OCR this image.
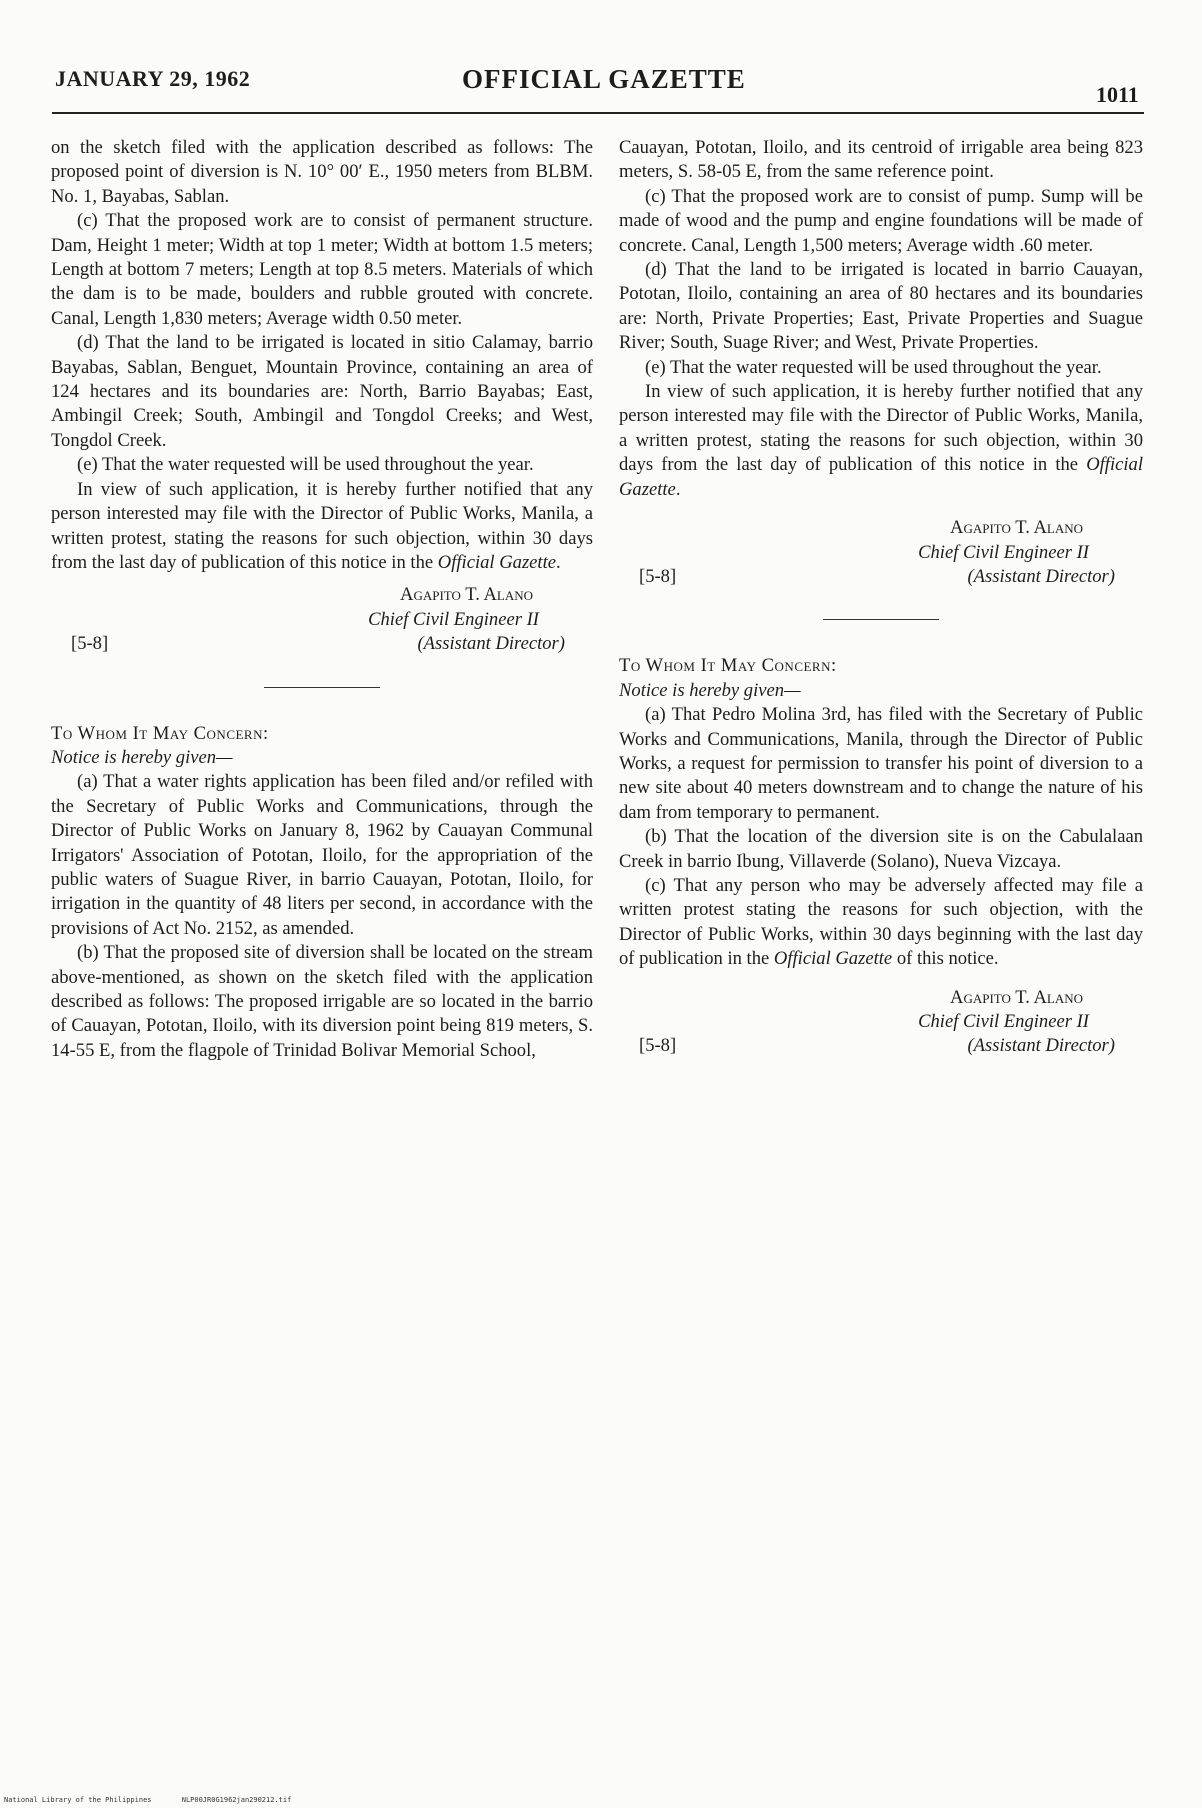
JANUARY 29, 1962	OFFICIAL GAZETTE
1011

on the sketch filed with the application described as follows: The proposed point of diversion is N. 10° 00′ E., 1950 meters from BLBM. No. 1, Bayabas, Sablan.

(c) That the proposed work are to consist of permanent structure. Dam, Height 1 meter; Width at top 1 meter; Width at bottom 1.5 meters; Length at bottom 7 meters; Length at top 8.5 meters. Materials of which the dam is to be made, boulders and rubble grouted with concrete. Canal, Length 1,830 meters; Average width 0.50 meter.

(d) That the land to be irrigated is located in sitio Calamay, barrio Bayabas, Sablan, Benguet, Mountain Province, containing an area of 124 hectares and its boundaries are: North, Barrio Bayabas; East, Ambingil Creek; South, Ambingil and Tongdol Creeks; and West, Tongdol Creek.

(e) That the water requested will be used throughout the year.

In view of such application, it is hereby further notified that any person interested may file with the Director of Public Works, Manila, a written protest, stating the reasons for such objection, within 30 days from the last day of publication of this notice in the Official Gazette.

Agapito T. Alano
Chief Civil Engineer II
[5-8]	(Assistant Director)

To Whom It May Concern:

Notice is hereby given—

(a) That a water rights application has been filed and/or refiled with the Secretary of Public Works and Communications, through the Director of Public Works on January 8, 1962 by Cauayan Communal Irrigators' Association of Pototan, Iloilo, for the appropriation of the public waters of Suague River, in barrio Cauayan, Pototan, Iloilo, for irrigation in the quantity of 48 liters per second, in accordance with the provisions of Act No. 2152, as amended.

(b) That the proposed site of diversion shall be located on the stream above-mentioned, as shown on the sketch filed with the application described as follows: The proposed irrigable are so located in the barrio of Cauayan, Pototan, Iloilo, with its diversion point being 819 meters, S. 14-55 E, from the flagpole of Trinidad Bolivar Memorial School,

Cauayan, Pototan, Iloilo, and its centroid of irrigable area being 823 meters, S. 58-05 E, from the same reference point.

(c) That the proposed work are to consist of pump. Sump will be made of wood and the pump and engine foundations will be made of concrete. Canal, Length 1,500 meters; Average width .60 meter.

(d) That the land to be irrigated is located in barrio Cauayan, Pototan, Iloilo, containing an area of 80 hectares and its boundaries are: North, Private Properties; East, Private Properties and Suague River; South, Suage River; and West, Private Properties.

(e) That the water requested will be used throughout the year.

In view of such application, it is hereby further notified that any person interested may file with the Director of Public Works, Manila, a written protest, stating the reasons for such objection, within 30 days from the last day of publication of this notice in the Official Gazette.

Agapito T. Alano
Chief Civil Engineer II
[5-8]	(Assistant Director)

To Whom It May Concern:

Notice is hereby given—

(a) That Pedro Molina 3rd, has filed with the Secretary of Public Works and Communications, Manila, through the Director of Public Works, a request for permission to transfer his point of diversion to a new site about 40 meters downstream and to change the nature of his dam from temporary to permanent.

(b) That the location of the diversion site is on the Cabulalaan Creek in barrio Ibung, Villaverde (Solano), Nueva Vizcaya.

(c) That any person who may be adversely affected may file a written protest stating the reasons for such objection, with the Director of Public Works, within 30 days beginning with the last day of publication in the Official Gazette of this notice.

Agapito T. Alano
Chief Civil Engineer II
[5-8]	(Assistant Director)
National Library of the Philippines	NLP00JR0G1962jan290212.tif
